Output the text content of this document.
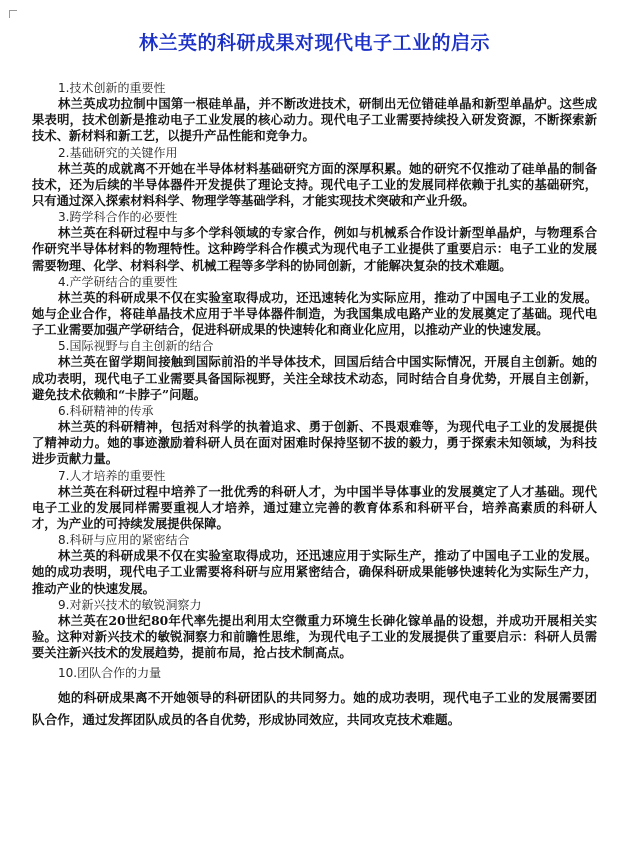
林兰英的科研成果对现代电子工业的启示

1.技术创新的重要性

林兰英成功拉制中国第一根硅单晶，并不断改进技术，研制出无位错硅单晶和新型单晶炉。这些成果表明，技术创新是推动电子工业发展的核心动力。现代电子工业需要持续投入研发资源，不断探索新技术、新材料和新工艺，以提升产品性能和竞争力。

2.基础研究的关键作用

林兰英的成就离不开她在半导体材料基础研究方面的深厚积累。她的研究不仅推动了硅单晶的制备技术，还为后续的半导体器件开发提供了理论支持。现代电子工业的发展同样依赖于扎实的基础研究，只有通过深入探索材料科学、物理学等基础学科，才能实现技术突破和产业升级。

3.跨学科合作的必要性

林兰英在科研过程中与多个学科领域的专家合作，例如与机械系合作设计新型单晶炉，与物理系合作研究半导体材料的物理特性。这种跨学科合作模式为现代电子工业提供了重要启示：电子工业的发展需要物理、化学、材料科学、机械工程等多学科的协同创新，才能解决复杂的技术难题。

4.产学研结合的重要性

林兰英的科研成果不仅在实验室取得成功，还迅速转化为实际应用，推动了中国电子工业的发展。她与企业合作，将硅单晶技术应用于半导体器件制造，为我国集成电路产业的发展奠定了基础。现代电子工业需要加强产学研结合，促进科研成果的快速转化和商业化应用，以推动产业的快速发展。

5.国际视野与自主创新的结合

林兰英在留学期间接触到国际前沿的半导体技术，回国后结合中国实际情况，开展自主创新。她的成功表明，现代电子工业需要具备国际视野，关注全球技术动态，同时结合自身优势，开展自主创新，避免技术依赖和“卡脖子”问题。

6.科研精神的传承

林兰英的科研精神，包括对科学的执着追求、勇于创新、不畏艰难等，为现代电子工业的发展提供了精神动力。她的事迹激励着科研人员在面对困难时保持坚韧不拔的毅力，勇于探索未知领域，为科技进步贡献力量。

7.人才培养的重要性

林兰英在科研过程中培养了一批优秀的科研人才，为中国半导体事业的发展奠定了人才基础。现代电子工业的发展同样需要重视人才培养，通过建立完善的教育体系和科研平台，培养高素质的科研人才，为产业的可持续发展提供保障。

8.科研与应用的紧密结合

林兰英的科研成果不仅在实验室取得成功，还迅速应用于实际生产，推动了中国电子工业的发展。她的成功表明，现代电子工业需要将科研与应用紧密结合，确保科研成果能够快速转化为实际生产力，推动产业的快速发展。

9.对新兴技术的敏锐洞察力

林兰英在20世纪80年代率先提出利用太空微重力环境生长砷化镓单晶的设想，并成功开展相关实验。这种对新兴技术的敏锐洞察力和前瞻性思维，为现代电子工业的发展提供了重要启示：科研人员需要关注新兴技术的发展趋势，提前布局，抢占技术制高点。

10.团队合作的力量

她的科研成果离不开她领导的科研团队的共同努力。她的成功表明，现代电子工业的发展需要团队合作，通过发挥团队成员的各自优势，形成协同效应，共同攻克技术难题。
